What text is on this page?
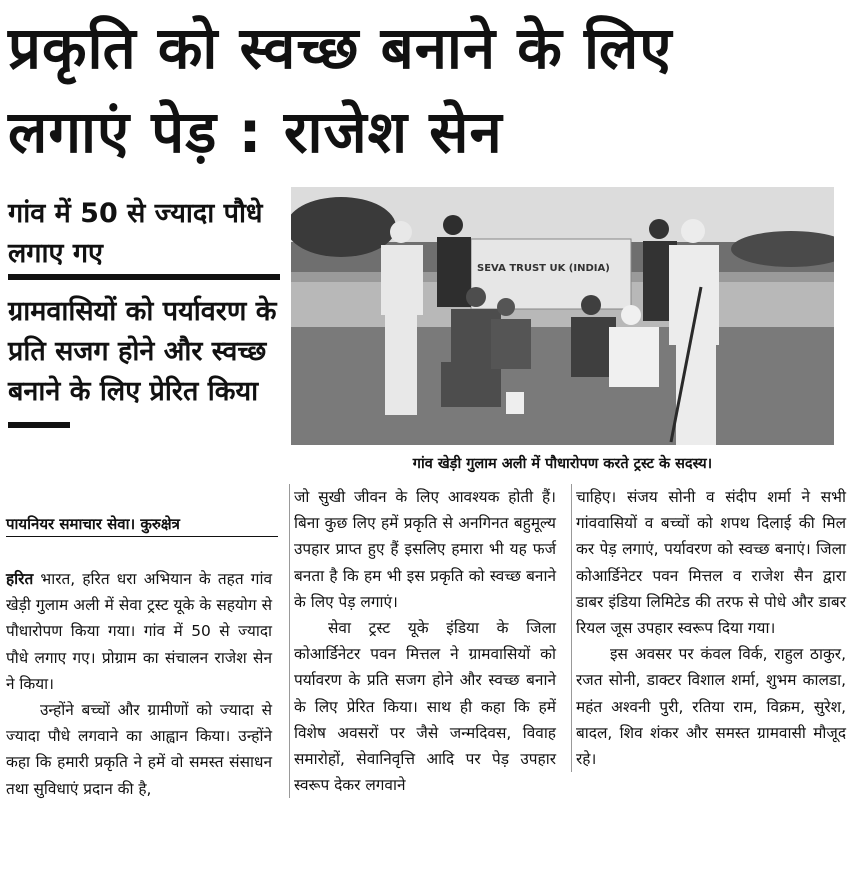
प्रकृति को स्वच्छ बनाने के लिए
लगाएं पेड़ : राजेश सेन
गांव में 50 से ज्यादा पौधे लगाए गए
ग्रामवासियों को पर्यावरण के प्रति सजग होने और स्वच्छ बनाने के लिए प्रेरित किया
पायनियर समाचार सेवा। कुरुक्षेत्र
SEVA TRUST UK (INDIA)
गांव खेड़ी गुलाम अली में पौधारोपण करते ट्रस्ट के सदस्य।

हरित भारत, हरित धरा अभियान के तहत गांव खेड़ी गुलाम अली में सेवा ट्रस्ट यूके के सहयोग से पौधारोपण किया गया। गांव में 50 से ज्यादा पौधे लगाए गए। प्रोग्राम का संचालन राजेश सेन ने किया।

उन्होंने बच्चों और ग्रामीणों को ज्यादा से ज्यादा पौधे लगवाने का आह्वान किया। उन्होंने कहा कि हमारी प्रकृति ने हमें वो समस्त संसाधन तथा सुविधाएं प्रदान की है,

जो सुखी जीवन के लिए आवश्यक होती हैं। बिना कुछ लिए हमें प्रकृति से अनगिनत बहुमूल्य उपहार प्राप्त हुए हैं इसलिए हमारा भी यह फर्ज बनता है कि हम भी इस प्रकृति को स्वच्छ बनाने के लिए पेड़ लगाएं।

सेवा ट्रस्ट यूके इंडिया के जिला कोआर्डिनेटर पवन मित्तल ने ग्रामवासियों को पर्यावरण के प्रति सजग होने और स्वच्छ बनाने के लिए प्रेरित किया। साथ ही कहा कि हमें विशेष अवसरों पर जैसे जन्मदिवस, विवाह समारोहों, सेवानिवृत्ति आदि पर पेड़ उपहार स्वरूप देकर लगवाने

चाहिए। संजय सोनी व संदीप शर्मा ने सभी गांववासियों व बच्चों को शपथ दिलाई की मिल कर पेड़ लगाएं, पर्यावरण को स्वच्छ बनाएं। जिला कोआर्डिनेटर पवन मित्तल व राजेश सैन द्वारा डाबर इंडिया लिमिटेड की तरफ से पोधे और डाबर रियल जूस उपहार स्वरूप दिया गया।

इस अवसर पर कंवल विर्क, राहुल ठाकुर, रजत सोनी, डाक्टर विशाल शर्मा, शुभम कालडा, महंत अश्वनी पुरी, रतिया राम, विक्रम, सुरेश, बादल, शिव शंकर और समस्त ग्रामवासी मौजूद रहे।
